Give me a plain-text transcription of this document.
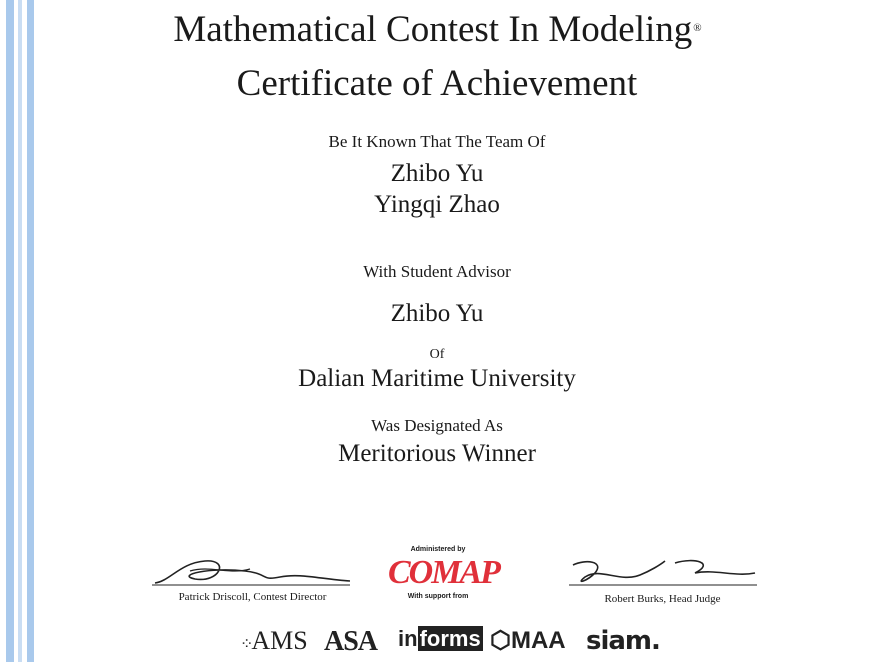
Mathematical Contest In Modeling®
Certificate of Achievement
Be It Known That The Team Of
Zhibo Yu
Yingqi Zhao
With Student Advisor
Zhibo Yu
Of
Dalian Maritime University
Was Designated As
Meritorious Winner
Patrick Driscoll, Contest Director
Administered by
COMAP
With support from	Robert Burks, Head Judge
⁘AMS ASA informs ⬡MAA siam.
